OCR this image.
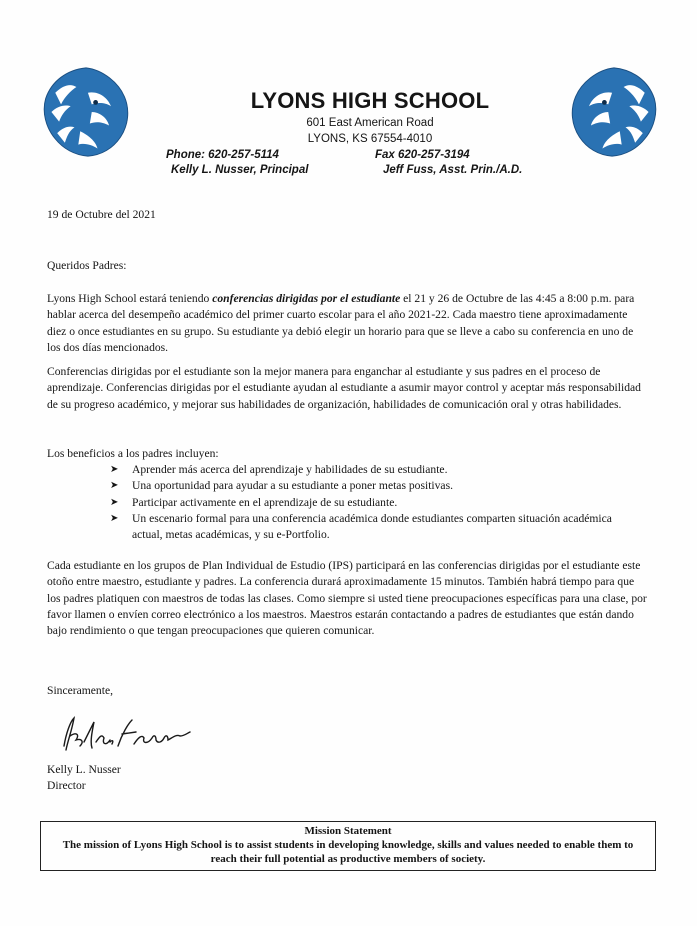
LYONS HIGH SCHOOL
601 East American Road
LYONS, KS 67554-4010
Phone: 620-257-5114	Fax 620-257-3194
Kelly L. Nusser, Principal	Jeff Fuss, Asst. Prin./A.D.
19 de Octubre del 2021
Queridos Padres:

Lyons High School estará teniendo conferencias dirigidas por el estudiante el 21 y 26 de Octubre de las 4:45 a 8:00 p.m. para hablar acerca del desempeño académico del primer cuarto escolar para el año 2021-22. Cada maestro tiene aproximadamente diez o once estudiantes en su grupo. Su estudiante ya debió elegir un horario para que se lleve a cabo su conferencia en uno de los dos días mencionados.

Conferencias dirigidas por el estudiante son la mejor manera para enganchar al estudiante y sus padres en el proceso de aprendizaje. Conferencias dirigidas por el estudiante ayudan al estudiante a asumir mayor control y aceptar más responsabilidad de su progreso académico, y mejorar sus habilidades de organización, habilidades de comunicación oral y otras habilidades.

Los beneficios a los padres incluyen:
➤ Aprender más acerca del aprendizaje y habilidades de su estudiante.
➤ Una oportunidad para ayudar a su estudiante a poner metas positivas.
➤ Participar activamente en el aprendizaje de su estudiante.
➤ Un escenario formal para una conferencia académica donde estudiantes comparten situación académica actual, metas académicas, y su e-Portfolio.

Cada estudiante en los grupos de Plan Individual de Estudio (IPS) participará en las conferencias dirigidas por el estudiante este otoño entre maestro, estudiante y padres. La conferencia durará aproximadamente 15 minutos. También habrá tiempo para que los padres platiquen con maestros de todas las clases. Como siempre si usted tiene preocupaciones específicas para una clase, por favor llamen o envíen correo electrónico a los maestros. Maestros estarán contactando a padres de estudiantes que están dando bajo rendimiento o que tengan preocupaciones que quieren comunicar.

Sinceramente,
Kelly L. Nusser
Director
Mission Statement
The mission of Lyons High School is to assist students in developing knowledge, skills and values needed to enable them to reach their full potential as productive members of society.
